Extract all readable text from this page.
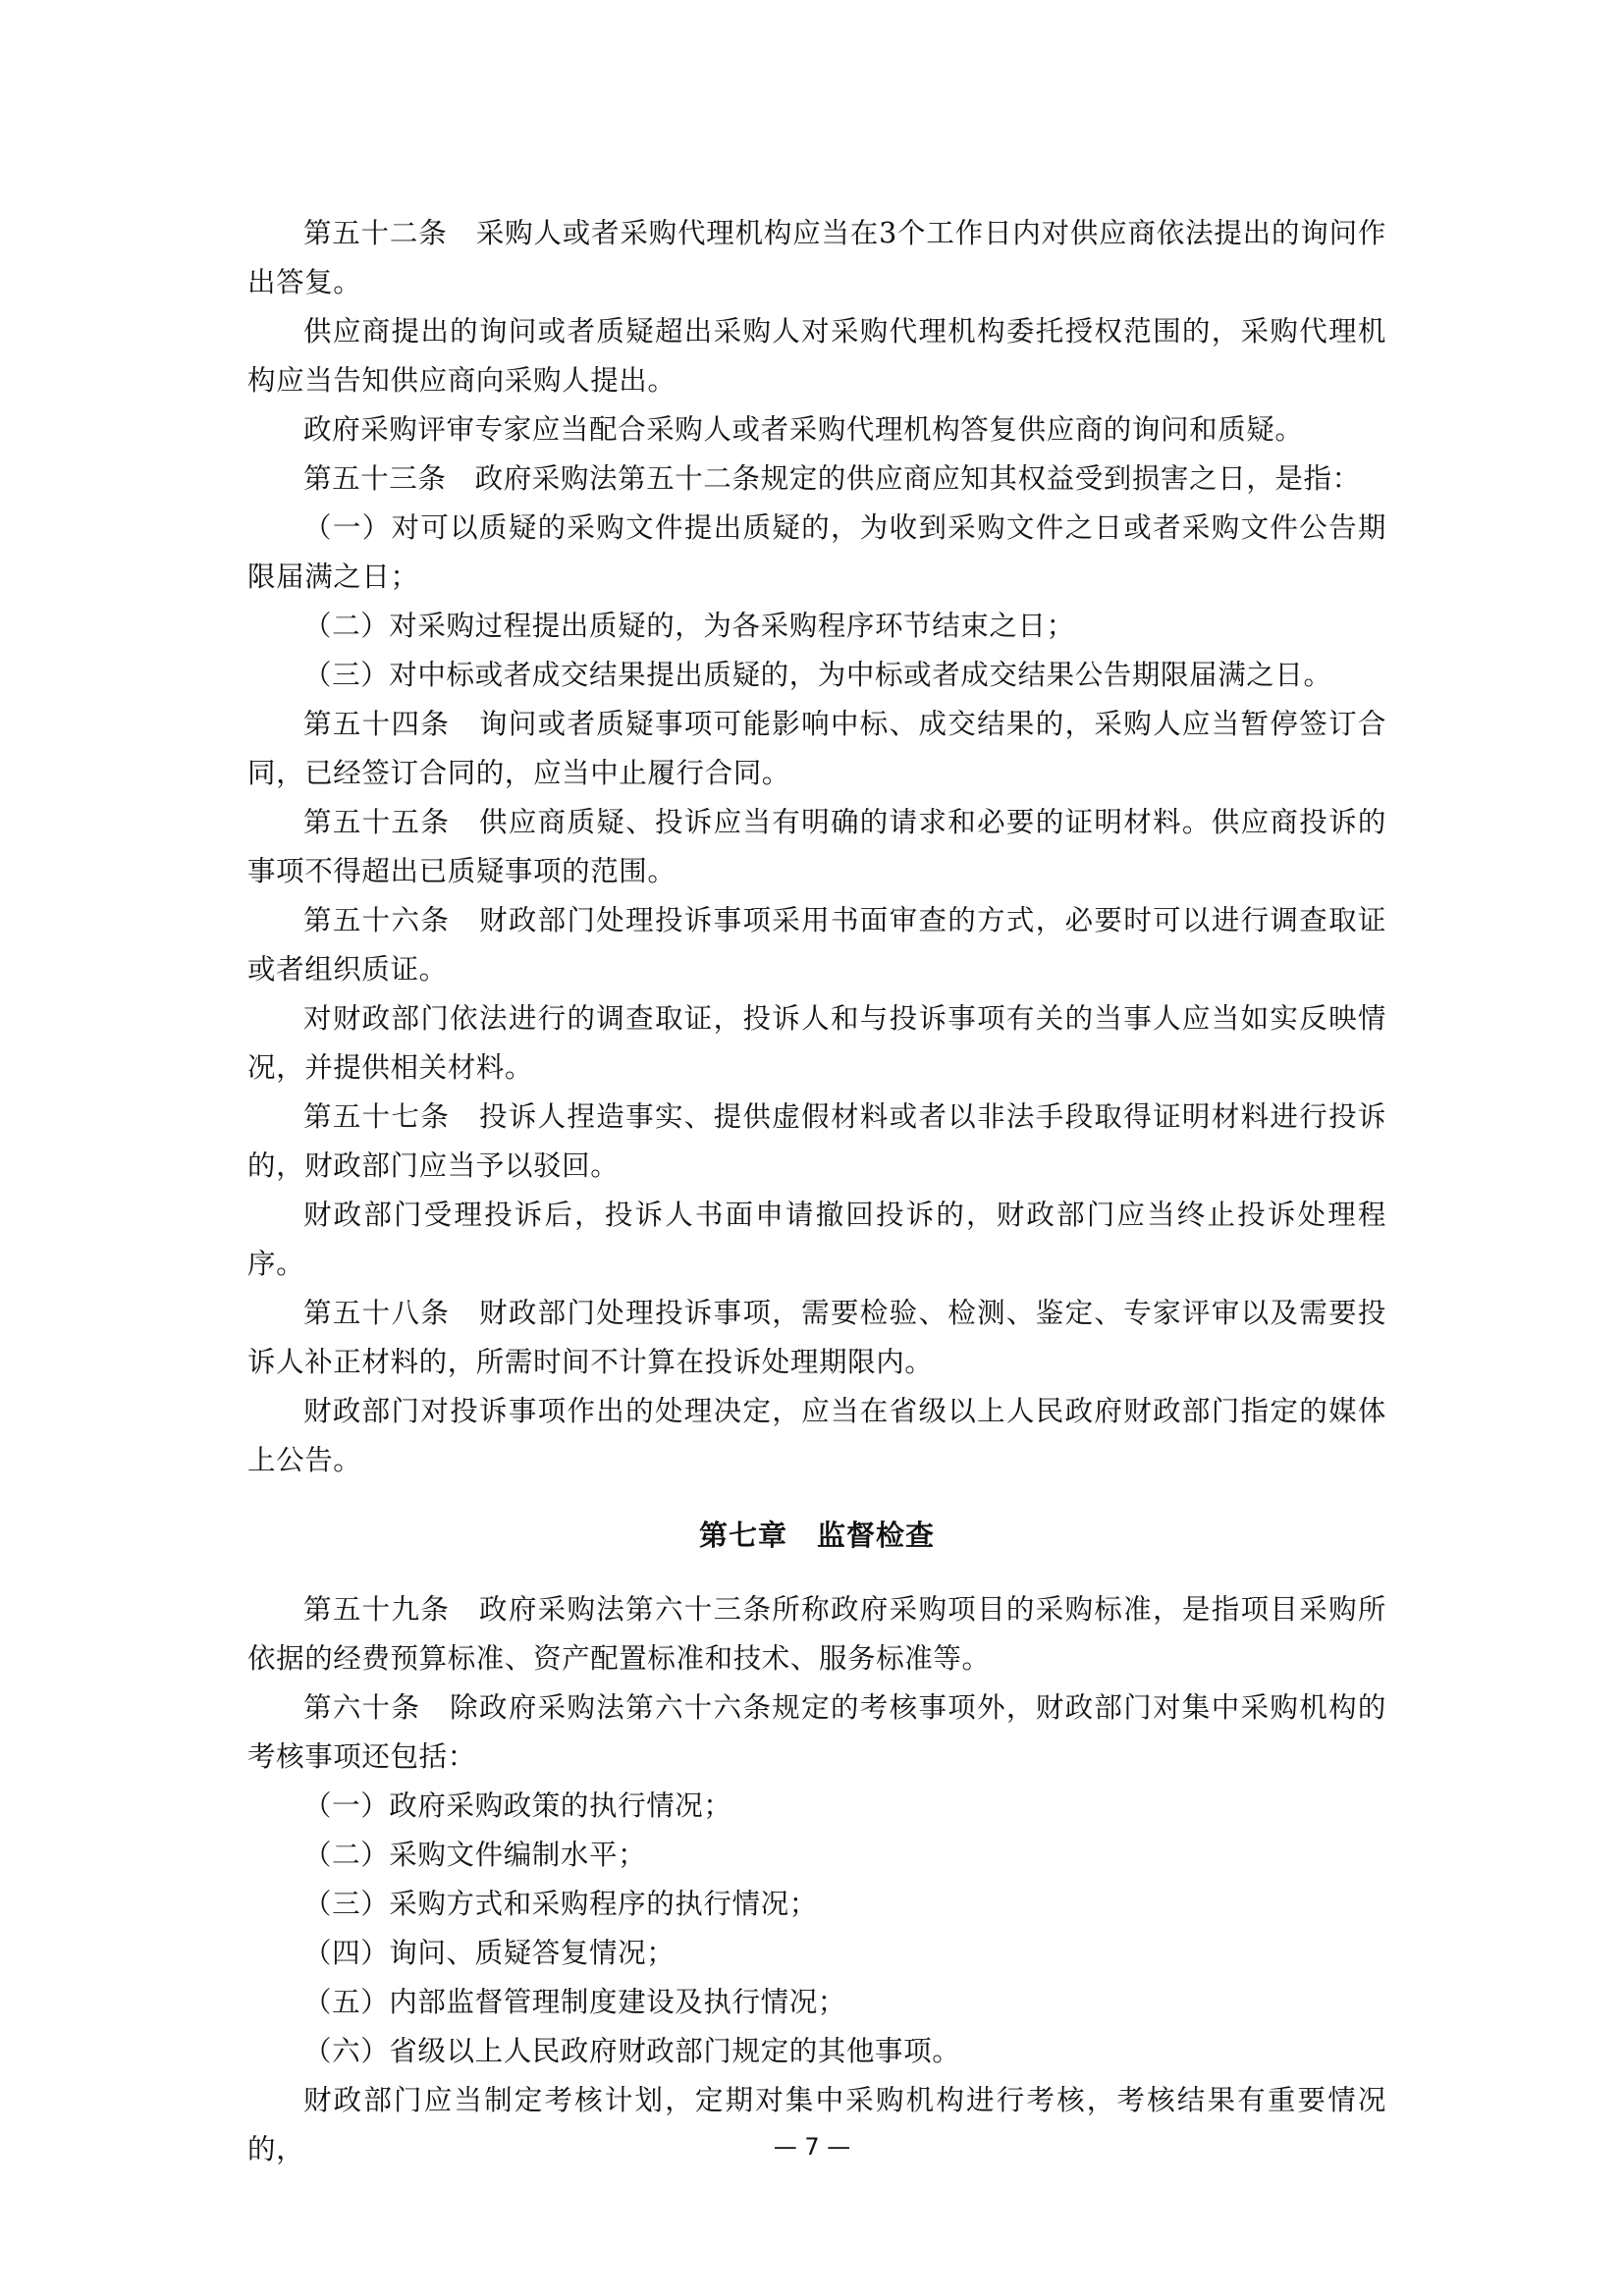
第五十二条　采购人或者采购代理机构应当在3个工作日内对供应商依法提出的询问作出答复。

供应商提出的询问或者质疑超出采购人对采购代理机构委托授权范围的，采购代理机构应当告知供应商向采购人提出。

政府采购评审专家应当配合采购人或者采购代理机构答复供应商的询问和质疑。

第五十三条　政府采购法第五十二条规定的供应商应知其权益受到损害之日，是指：

（一）对可以质疑的采购文件提出质疑的，为收到采购文件之日或者采购文件公告期限届满之日；

（二）对采购过程提出质疑的，为各采购程序环节结束之日；

（三）对中标或者成交结果提出质疑的，为中标或者成交结果公告期限届满之日。

第五十四条　询问或者质疑事项可能影响中标、成交结果的，采购人应当暂停签订合同，已经签订合同的，应当中止履行合同。

第五十五条　供应商质疑、投诉应当有明确的请求和必要的证明材料。供应商投诉的事项不得超出已质疑事项的范围。

第五十六条　财政部门处理投诉事项采用书面审查的方式，必要时可以进行调查取证或者组织质证。

对财政部门依法进行的调查取证，投诉人和与投诉事项有关的当事人应当如实反映情况，并提供相关材料。

第五十七条　投诉人捏造事实、提供虚假材料或者以非法手段取得证明材料进行投诉的，财政部门应当予以驳回。

财政部门受理投诉后，投诉人书面申请撤回投诉的，财政部门应当终止投诉处理程序。

第五十八条　财政部门处理投诉事项，需要检验、检测、鉴定、专家评审以及需要投诉人补正材料的，所需时间不计算在投诉处理期限内。

财政部门对投诉事项作出的处理决定，应当在省级以上人民政府财政部门指定的媒体上公告。

第七章 监督检查

第五十九条　政府采购法第六十三条所称政府采购项目的采购标准，是指项目采购所依据的经费预算标准、资产配置标准和技术、服务标准等。

第六十条　除政府采购法第六十六条规定的考核事项外，财政部门对集中采购机构的考核事项还包括：

（一）政府采购政策的执行情况；

（二）采购文件编制水平；

（三）采购方式和采购程序的执行情况；

（四）询问、质疑答复情况；

（五）内部监督管理制度建设及执行情况；

（六）省级以上人民政府财政部门规定的其他事项。

财政部门应当制定考核计划，定期对集中采购机构进行考核，考核结果有重要情况的，	— 7 —
